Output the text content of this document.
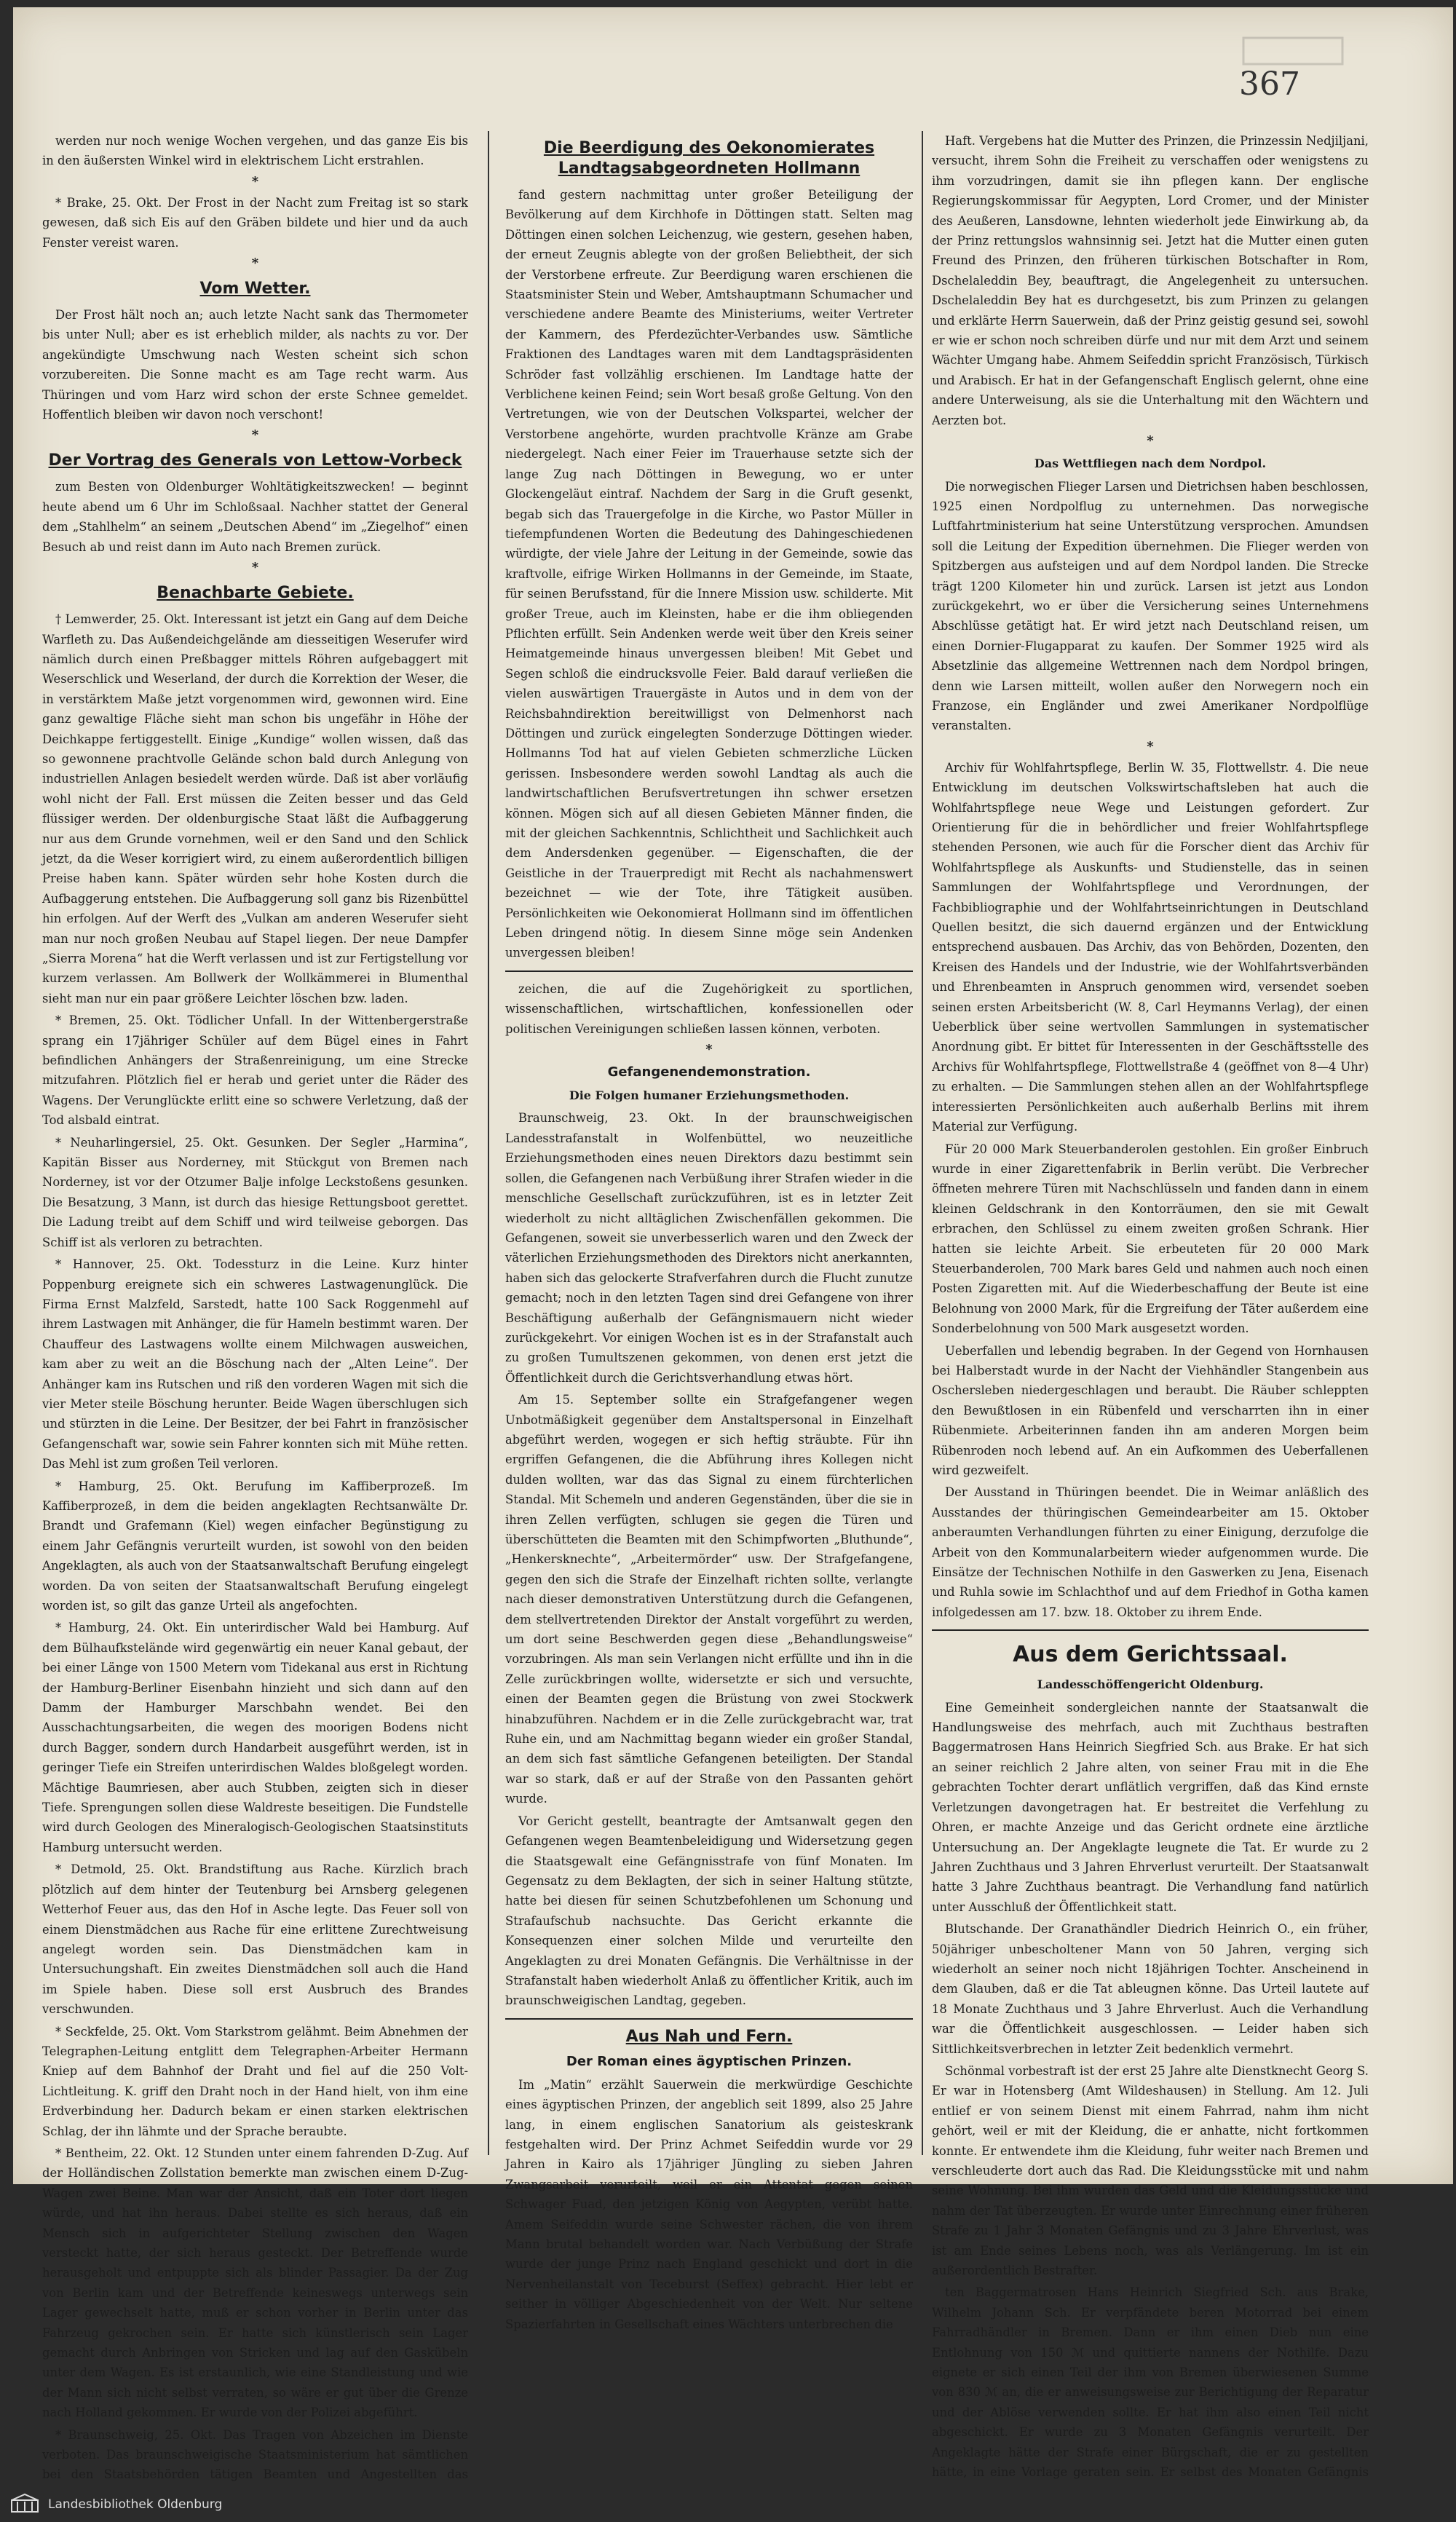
367

werden nur noch wenige Wochen vergehen, und das ganze Eis bis in den äußersten Winkel wird in elektrischem Licht erstrahlen.

*

* Brake, 25. Okt. Der Frost in der Nacht zum Freitag ist so stark gewesen, daß sich Eis auf den Gräben bildete und hier und da auch Fenster vereist waren.

*
Vom Wetter.

Der Frost hält noch an; auch letzte Nacht sank das Thermometer bis unter Null; aber es ist erheblich milder, als nachts zu vor. Der angekündigte Umschwung nach Westen scheint sich schon vorzubereiten. Die Sonne macht es am Tage recht warm. Aus Thüringen und vom Harz wird schon der erste Schnee gemeldet. Hoffentlich bleiben wir davon noch verschont!

*
Der Vortrag des Generals von Lettow-Vorbeck

zum Besten von Oldenburger Wohltätigkeitszwecken! — beginnt heute abend um 6 Uhr im Schloßsaal. Nachher stattet der General dem „Stahlhelm“ an seinem „Deutschen Abend“ im „Ziegelhof“ einen Besuch ab und reist dann im Auto nach Bremen zurück.

*
Benachbarte Gebiete.

† Lemwerder, 25. Okt. Interessant ist jetzt ein Gang auf dem Deiche Warfleth zu. Das Außendeichgelände am diesseitigen Weserufer wird nämlich durch einen Preßbagger mittels Röhren aufgebaggert mit Weserschlick und Weserland, der durch die Korrektion der Weser, die in verstärktem Maße jetzt vorgenommen wird, gewonnen wird. Eine ganz gewaltige Fläche sieht man schon bis ungefähr in Höhe der Deichkappe fertiggestellt. Einige „Kundige“ wollen wissen, daß das so gewonnene prachtvolle Gelände schon bald durch Anlegung von industriellen Anlagen besiedelt werden würde. Daß ist aber vorläufig wohl nicht der Fall. Erst müssen die Zeiten besser und das Geld flüssiger werden. Der oldenburgische Staat läßt die Aufbaggerung nur aus dem Grunde vornehmen, weil er den Sand und den Schlick jetzt, da die Weser korrigiert wird, zu einem außerordentlich billigen Preise haben kann. Später würden sehr hohe Kosten durch die Aufbaggerung entstehen. Die Aufbaggerung soll ganz bis Rizenbüttel hin erfolgen. Auf der Werft des „Vulkan am anderen Weserufer sieht man nur noch großen Neubau auf Stapel liegen. Der neue Dampfer „Sierra Morena“ hat die Werft verlassen und ist zur Fertigstellung vor kurzem verlassen. Am Bollwerk der Wollkämmerei in Blumenthal sieht man nur ein paar größere Leichter löschen bzw. laden.

* Bremen, 25. Okt. Tödlicher Unfall. In der Wittenbergerstraße sprang ein 17jähriger Schüler auf dem Bügel eines in Fahrt befindlichen Anhängers der Straßenreinigung, um eine Strecke mitzufahren. Plötzlich fiel er herab und geriet unter die Räder des Wagens. Der Verunglückte erlitt eine so schwere Verletzung, daß der Tod alsbald eintrat.

* Neuharlingersiel, 25. Okt. Gesunken. Der Segler „Harmina“, Kapitän Bisser aus Norderney, mit Stückgut von Bremen nach Norderney, ist vor der Otzumer Balje infolge Leckstoßens gesunken. Die Besatzung, 3 Mann, ist durch das hiesige Rettungsboot gerettet. Die Ladung treibt auf dem Schiff und wird teilweise geborgen. Das Schiff ist als verloren zu betrachten.

* Hannover, 25. Okt. Todessturz in die Leine. Kurz hinter Poppenburg ereignete sich ein schweres Lastwagenunglück. Die Firma Ernst Malzfeld, Sarstedt, hatte 100 Sack Roggenmehl auf ihrem Lastwagen mit Anhänger, die für Hameln bestimmt waren. Der Chauffeur des Lastwagens wollte einem Milchwagen ausweichen, kam aber zu weit an die Böschung nach der „Alten Leine“. Der Anhänger kam ins Rutschen und riß den vorderen Wagen mit sich die vier Meter steile Böschung herunter. Beide Wagen überschlugen sich und stürzten in die Leine. Der Besitzer, der bei Fahrt in französischer Gefangenschaft war, sowie sein Fahrer konnten sich mit Mühe retten. Das Mehl ist zum großen Teil verloren.

* Hamburg, 25. Okt. Berufung im Kaffiberprozeß. Im Kaffiberprozeß, in dem die beiden angeklagten Rechtsanwälte Dr. Brandt und Grafemann (Kiel) wegen einfacher Begünstigung zu einem Jahr Gefängnis verurteilt wurden, ist sowohl von den beiden Angeklagten, als auch von der Staatsanwaltschaft Berufung eingelegt worden. Da von seiten der Staatsanwaltschaft Berufung eingelegt worden ist, so gilt das ganze Urteil als angefochten.

* Hamburg, 24. Okt. Ein unterirdischer Wald bei Hamburg. Auf dem Bülhaufkstelände wird gegenwärtig ein neuer Kanal gebaut, der bei einer Länge von 1500 Metern vom Tidekanal aus erst in Richtung der Hamburg-Berliner Eisenbahn hinzieht und sich dann auf den Damm der Hamburger Marschbahn wendet. Bei den Ausschachtungsarbeiten, die wegen des moorigen Bodens nicht durch Bagger, sondern durch Handarbeit ausgeführt werden, ist in geringer Tiefe ein Streifen unterirdischen Waldes bloßgelegt worden. Mächtige Baumriesen, aber auch Stubben, zeigten sich in dieser Tiefe. Sprengungen sollen diese Waldreste beseitigen. Die Fundstelle wird durch Geologen des Mineralogisch-Geologischen Staatsinstituts Hamburg untersucht werden.

* Detmold, 25. Okt. Brandstiftung aus Rache. Kürzlich brach plötzlich auf dem hinter der Teutenburg bei Arnsberg gelegenen Wetterhof Feuer aus, das den Hof in Asche legte. Das Feuer soll von einem Dienstmädchen aus Rache für eine erlittene Zurechtweisung angelegt worden sein. Das Dienstmädchen kam in Untersuchungshaft. Ein zweites Dienstmädchen soll auch die Hand im Spiele haben. Diese soll erst Ausbruch des Brandes verschwunden.

* Seckfelde, 25. Okt. Vom Starkstrom gelähmt. Beim Abnehmen der Telegraphen-Leitung entglitt dem Telegraphen-Arbeiter Hermann Kniep auf dem Bahnhof der Draht und fiel auf die 250 Volt-Lichtleitung. K. griff den Draht noch in der Hand hielt, von ihm eine Erdverbindung her. Dadurch bekam er einen starken elektrischen Schlag, der ihn lähmte und der Sprache beraubte.

* Bentheim, 22. Okt. 12 Stunden unter einem fahrenden D-Zug. Auf der Holländischen Zollstation bemerkte man zwischen einem D-Zug-Wagen zwei Beine. Man war der Ansicht, daß ein Toter dort liegen würde, und hat ihn heraus. Dabei stellte es sich heraus, daß ein Mensch sich in aufgerichteter Stellung zwischen den Wagen versteckt hatte, der sich heraus gesteckt. Der Betreffende wurde herausgeholt und entpuppte sich als blinder Passagier. Da der Zug von Berlin kam und der Betreffende keineswegs unterwegs sein Lager gewechselt hatte, muß er schon vorher in Berlin unter das Fahrzeug gekrochen sein. Er hatte sich künstlerisch sein Lager gemacht durch Anbringen von Stricken und lag auf den Gaskübeln unter dem Wagen. Es ist erstaunlich, wie eine Standleistung und wie der Mann sich nicht selbst verraten, so wäre er gut über die Grenze nach Holland gekommen. Er wurde von der Polizei abgeführt.

* Braunschweig, 25. Okt. Das Tragen von Abzeichen im Dienste verboten. Das braunschweigische Staatsministerium hat sämtlichen bei den Staatsbehörden tätigen Beamten und Angestellten das

Die Beerdigung des Oekonomierates Landtagsabgeordneten Hollmann

fand gestern nachmittag unter großer Beteiligung der Bevölkerung auf dem Kirchhofe in Döttingen statt. Selten mag Döttingen einen solchen Leichenzug, wie gestern, gesehen haben, der erneut Zeugnis ablegte von der großen Beliebtheit, der sich der Verstorbene erfreute. Zur Beerdigung waren erschienen die Staatsminister Stein und Weber, Amtshauptmann Schumacher und verschiedene andere Beamte des Ministeriums, weiter Vertreter der Kammern, des Pferdezüchter-Verbandes usw. Sämtliche Fraktionen des Landtages waren mit dem Landtagspräsidenten Schröder fast vollzählig erschienen. Im Landtage hatte der Verblichene keinen Feind; sein Wort besaß große Geltung. Von den Vertretungen, wie von der Deutschen Volkspartei, welcher der Verstorbene angehörte, wurden prachtvolle Kränze am Grabe niedergelegt. Nach einer Feier im Trauerhause setzte sich der lange Zug nach Döttingen in Bewegung, wo er unter Glockengeläut eintraf. Nachdem der Sarg in die Gruft gesenkt, begab sich das Trauergefolge in die Kirche, wo Pastor Müller in tiefempfundenen Worten die Bedeutung des Dahingeschiedenen würdigte, der viele Jahre der Leitung in der Gemeinde, sowie das kraftvolle, eifrige Wirken Hollmanns in der Gemeinde, im Staate, für seinen Berufsstand, für die Innere Mission usw. schilderte. Mit großer Treue, auch im Kleinsten, habe er die ihm obliegenden Pflichten erfüllt. Sein Andenken werde weit über den Kreis seiner Heimatgemeinde hinaus unvergessen bleiben! Mit Gebet und Segen schloß die eindrucksvolle Feier. Bald darauf verließen die vielen auswärtigen Trauergäste in Autos und in dem von der Reichsbahndirektion bereitwilligst von Delmenhorst nach Döttingen und zurück eingelegten Sonderzuge Döttingen wieder. Hollmanns Tod hat auf vielen Gebieten schmerzliche Lücken gerissen. Insbesondere werden sowohl Landtag als auch die landwirtschaftlichen Berufsvertretungen ihn schwer ersetzen können. Mögen sich auf all diesen Gebieten Männer finden, die mit der gleichen Sachkenntnis, Schlichtheit und Sachlichkeit auch dem Andersdenken gegenüber. — Eigenschaften, die der Geistliche in der Trauerpredigt mit Recht als nachahmenswert bezeichnet — wie der Tote, ihre Tätigkeit ausüben. Persönlichkeiten wie Oekonomierat Hollmann sind im öffentlichen Leben dringend nötig. In diesem Sinne möge sein Andenken unvergessen bleiben!

zeichen, die auf die Zugehörigkeit zu sportlichen, wissenschaftlichen, wirtschaftlichen, konfessionellen oder politischen Vereinigungen schließen lassen können, verboten.

*
Gefangenendemonstration.
Die Folgen humaner Erziehungsmethoden.

Braunschweig, 23. Okt. In der braunschweigischen Landesstrafanstalt in Wolfenbüttel, wo neuzeitliche Erziehungsmethoden eines neuen Direktors dazu bestimmt sein sollen, die Gefangenen nach Verbüßung ihrer Strafen wieder in die menschliche Gesellschaft zurückzuführen, ist es in letzter Zeit wiederholt zu nicht alltäglichen Zwischenfällen gekommen. Die Gefangenen, soweit sie unverbesserlich waren und den Zweck der väterlichen Erziehungsmethoden des Direktors nicht anerkannten, haben sich das gelockerte Strafverfahren durch die Flucht zunutze gemacht; noch in den letzten Tagen sind drei Gefangene von ihrer Beschäftigung außerhalb der Gefängnismauern nicht wieder zurückgekehrt. Vor einigen Wochen ist es in der Strafanstalt auch zu großen Tumultszenen gekommen, von denen erst jetzt die Öffentlichkeit durch die Gerichtsverhandlung etwas hört.

Am 15. September sollte ein Strafgefangener wegen Unbotmäßigkeit gegenüber dem Anstaltspersonal in Einzelhaft abgeführt werden, wogegen er sich heftig sträubte. Für ihn ergriffen Gefangenen, die die Abführung ihres Kollegen nicht dulden wollten, war das das Signal zu einem fürchterlichen Standal. Mit Schemeln und anderen Gegenständen, über die sie in ihren Zellen verfügten, schlugen sie gegen die Türen und überschütteten die Beamten mit den Schimpfworten „Bluthunde“, „Henkersknechte“, „Arbeitermörder“ usw. Der Strafgefangene, gegen den sich die Strafe der Einzelhaft richten sollte, verlangte nach dieser demonstrativen Unterstützung durch die Gefangenen, dem stellvertretenden Direktor der Anstalt vorgeführt zu werden, um dort seine Beschwerden gegen diese „Behandlungsweise“ vorzubringen. Als man sein Verlangen nicht erfüllte und ihn in die Zelle zurückbringen wollte, widersetzte er sich und versuchte, einen der Beamten gegen die Brüstung von zwei Stockwerk hinabzuführen. Nachdem er in die Zelle zurückgebracht war, trat Ruhe ein, und am Nachmittag begann wieder ein großer Standal, an dem sich fast sämtliche Gefangenen beteiligten. Der Standal war so stark, daß er auf der Straße von den Passanten gehört wurde.

Vor Gericht gestellt, beantragte der Amtsanwalt gegen den Gefangenen wegen Beamtenbeleidigung und Widersetzung gegen die Staatsgewalt eine Gefängnisstrafe von fünf Monaten. Im Gegensatz zu dem Beklagten, der sich in seiner Haltung stützte, hatte bei diesen für seinen Schutzbefohlenen um Schonung und Strafaufschub nachsuchte. Das Gericht erkannte die Konsequenzen einer solchen Milde und verurteilte den Angeklagten zu drei Monaten Gefängnis. Die Verhältnisse in der Strafanstalt haben wiederholt Anlaß zu öffentlicher Kritik, auch im braunschweigischen Landtag, gegeben.

Aus Nah und Fern.
Der Roman eines ägyptischen Prinzen.

Im „Matin“ erzählt Sauerwein die merkwürdige Geschichte eines ägyptischen Prinzen, der angeblich seit 1899, also 25 Jahre lang, in einem englischen Sanatorium als geisteskrank festgehalten wird. Der Prinz Achmet Seifeddin wurde vor 29 Jahren in Kairo als 17jähriger Jüngling zu sieben Jahren Zwangsarbeit verurteilt, weil er ein Attentat gegen seinen Schwager Fuad, den jetzigen König von Aegypten, verübt hatte. Amem Seifeddin wurde seine Schwester rächen, die von ihrem Mann brutal behandelt worden war. Nach Verbüßung der Strafe wurde der junge Prinz nach England geschickt und dort in die Nervenheilanstalt von Teceburst (Seffex) gebracht. Hier lebt er seither in völliger Abgeschiedenheit von der Welt. Nur seltene Spazierfahrten in Gesellschaft eines Wächters unterbrechen die

Haft. Vergebens hat die Mutter des Prinzen, die Prinzessin Nedjiljani, versucht, ihrem Sohn die Freiheit zu verschaffen oder wenigstens zu ihm vorzudringen, damit sie ihn pflegen kann. Der englische Regierungskommissar für Aegypten, Lord Cromer, und der Minister des Aeußeren, Lansdowne, lehnten wiederholt jede Einwirkung ab, da der Prinz rettungslos wahnsinnig sei. Jetzt hat die Mutter einen guten Freund des Prinzen, den früheren türkischen Botschafter in Rom, Dschelaleddin Bey, beauftragt, die Angelegenheit zu untersuchen. Dschelaleddin Bey hat es durchgesetzt, bis zum Prinzen zu gelangen und erklärte Herrn Sauerwein, daß der Prinz geistig gesund sei, sowohl er wie er schon noch schreiben dürfe und nur mit dem Arzt und seinem Wächter Umgang habe. Ahmem Seifeddin spricht Französisch, Türkisch und Arabisch. Er hat in der Gefangenschaft Englisch gelernt, ohne eine andere Unterweisung, als sie die Unterhaltung mit den Wächtern und Aerzten bot.

*
Das Wettfliegen nach dem Nordpol.

Die norwegischen Flieger Larsen und Dietrichsen haben beschlossen, 1925 einen Nordpolflug zu unternehmen. Das norwegische Luftfahrtministerium hat seine Unterstützung versprochen. Amundsen soll die Leitung der Expedition übernehmen. Die Flieger werden von Spitzbergen aus aufsteigen und auf dem Nordpol landen. Die Strecke trägt 1200 Kilometer hin und zurück. Larsen ist jetzt aus London zurückgekehrt, wo er über die Versicherung seines Unternehmens Abschlüsse getätigt hat. Er wird jetzt nach Deutschland reisen, um einen Dornier-Flugapparat zu kaufen. Der Sommer 1925 wird als Absetzlinie das allgemeine Wettrennen nach dem Nordpol bringen, denn wie Larsen mitteilt, wollen außer den Norwegern noch ein Franzose, ein Engländer und zwei Amerikaner Nordpolflüge veranstalten.

*

Archiv für Wohlfahrtspflege, Berlin W. 35, Flottwellstr. 4. Die neue Entwicklung im deutschen Volkswirtschaftsleben hat auch die Wohlfahrtspflege neue Wege und Leistungen gefordert. Zur Orientierung für die in behördlicher und freier Wohlfahrtspflege stehenden Personen, wie auch für die Forscher dient das Archiv für Wohlfahrtspflege als Auskunfts- und Studienstelle, das in seinen Sammlungen der Wohlfahrtspflege und Verordnungen, der Fachbibliographie und der Wohlfahrtseinrichtungen in Deutschland Quellen besitzt, die sich dauernd ergänzen und der Entwicklung entsprechend ausbauen. Das Archiv, das von Behörden, Dozenten, den Kreisen des Handels und der Industrie, wie der Wohlfahrtsverbänden und Ehrenbeamten in Anspruch genommen wird, versendet soeben seinen ersten Arbeitsbericht (W. 8, Carl Heymanns Verlag), der einen Ueberblick über seine wertvollen Sammlungen in systematischer Anordnung gibt. Er bittet für Interessenten in der Geschäftsstelle des Archivs für Wohlfahrtspflege, Flottwellstraße 4 (geöffnet von 8—4 Uhr) zu erhalten. — Die Sammlungen stehen allen an der Wohlfahrtspflege interessierten Persönlichkeiten auch außerhalb Berlins mit ihrem Material zur Verfügung.

Für 20 000 Mark Steuerbanderolen gestohlen. Ein großer Einbruch wurde in einer Zigarettenfabrik in Berlin verübt. Die Verbrecher öffneten mehrere Türen mit Nachschlüsseln und fanden dann in einem kleinen Geldschrank in den Kontorräumen, den sie mit Gewalt erbrachen, den Schlüssel zu einem zweiten großen Schrank. Hier hatten sie leichte Arbeit. Sie erbeuteten für 20 000 Mark Steuerbanderolen, 700 Mark bares Geld und nahmen auch noch einen Posten Zigaretten mit. Auf die Wiederbeschaffung der Beute ist eine Belohnung von 2000 Mark, für die Ergreifung der Täter außerdem eine Sonderbelohnung von 500 Mark ausgesetzt worden.

Ueberfallen und lebendig begraben. In der Gegend von Hornhausen bei Halberstadt wurde in der Nacht der Viehhändler Stangenbein aus Oschersleben niedergeschlagen und beraubt. Die Räuber schleppten den Bewußtlosen in ein Rübenfeld und verscharrten ihn in einer Rübenmiete. Arbeiterinnen fanden ihn am anderen Morgen beim Rübenroden noch lebend auf. An ein Aufkommen des Ueberfallenen wird gezweifelt.

Der Ausstand in Thüringen beendet. Die in Weimar anläßlich des Ausstandes der thüringischen Gemeindearbeiter am 15. Oktober anberaumten Verhandlungen führten zu einer Einigung, derzufolge die Arbeit von den Kommunalarbeitern wieder aufgenommen wurde. Die Einsätze der Technischen Nothilfe in den Gaswerken zu Jena, Eisenach und Ruhla sowie im Schlachthof und auf dem Friedhof in Gotha kamen infolgedessen am 17. bzw. 18. Oktober zu ihrem Ende.

Aus dem Gerichtssaal.
Landesschöffengericht Oldenburg.

Eine Gemeinheit sondergleichen nannte der Staatsanwalt die Handlungsweise des mehrfach, auch mit Zuchthaus bestraften Baggermatrosen Hans Heinrich Siegfried Sch. aus Brake. Er hat sich an seiner reichlich 2 Jahre alten, von seiner Frau mit in die Ehe gebrachten Tochter derart unflätlich vergriffen, daß das Kind ernste Verletzungen davongetragen hat. Er bestreitet die Verfehlung zu Ohren, er machte Anzeige und das Gericht ordnete eine ärztliche Untersuchung an. Der Angeklagte leugnete die Tat. Er wurde zu 2 Jahren Zuchthaus und 3 Jahren Ehrverlust verurteilt. Der Staatsanwalt hatte 3 Jahre Zuchthaus beantragt. Die Verhandlung fand natürlich unter Ausschluß der Öffentlichkeit statt.

Blutschande. Der Granathändler Diedrich Heinrich O., ein früher, 50jähriger unbescholtener Mann von 50 Jahren, verging sich wiederholt an seiner noch nicht 18jährigen Tochter. Anscheinend in dem Glauben, daß er die Tat ableugnen könne. Das Urteil lautete auf 18 Monate Zuchthaus und 3 Jahre Ehrverlust. Auch die Verhandlung war die Öffentlichkeit ausgeschlossen. — Leider haben sich Sittlichkeitsverbrechen in letzter Zeit bedenklich vermehrt.

Schönmal vorbestraft ist der erst 25 Jahre alte Dienstknecht Georg S. Er war in Hotensberg (Amt Wildeshausen) in Stellung. Am 12. Juli entlief er von seinem Dienst mit einem Fahrrad, nahm ihm nicht gehört, weil er mit der Kleidung, die er anhatte, nicht fortkommen konnte. Er entwendete ihm die Kleidung, fuhr weiter nach Bremen und verschleuderte dort auch das Rad. Die Kleidungsstücke mit und nahm seine Wohnung. Bei ihm wurden das Geld und die Kleidungsstücke und nahm der Tat überzeugten. Er wurde unter Einrechnung einer früheren Strafe zu 1 Jahr 3 Monaten Gefängnis und zu 3 Jahre Ehrverlust, was ist am Ende seines Lebens noch, was als Verlängerung. Im ist ein außerordentlich Bestrafter.

ten Baggermatrosen Hans Heinrich Siegfried Sch. aus Brake, Wilhelm Johann Sch. Er verpfändete beren Motorrad bei einem Fahrradhändler in Bremen. Dann er ihm einen Dieb nun eine Entlohnung von 150 ℳ und quittierte nannens der Nothilfe. Dazu eignete er sich einen Teil der ihm von Bremen überwiesenen Summe von 830 ℳ an, die er anweisungsweise zur Berichtigung der Reparatur und der Ablöse verwenden sollte. Er hat ihm also einen Teil nicht abgeschickt. Er wurde zu 3 Monaten Gefängnis verurteilt. Der Angeklagte hätte der Strafe einer Bürgschaft, die er zu gestellten hätte, in eine Vorlage geraten sein. Er selbst des Monaten Gefängnis

Landesbibliothek Oldenburg
